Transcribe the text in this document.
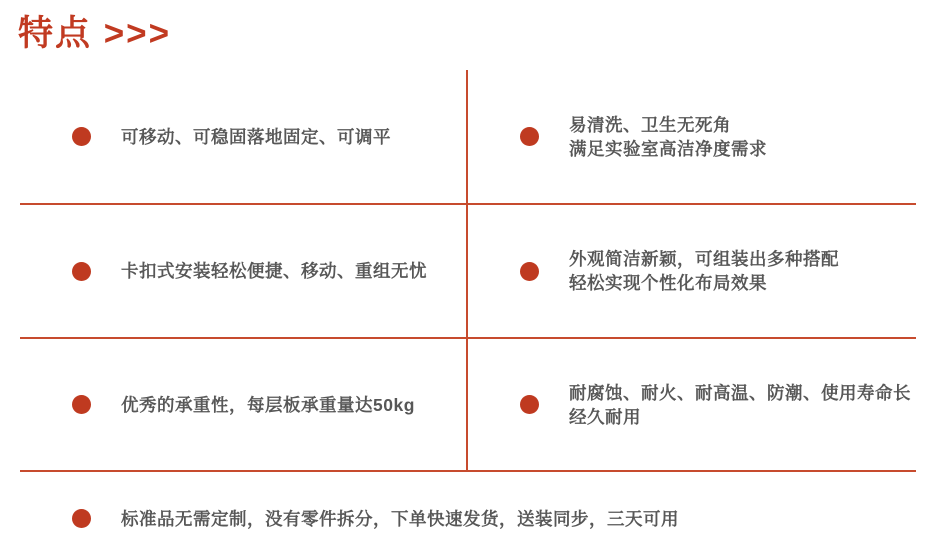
特点 >>>
可移动、可稳固落地固定、可调平
易清洗、卫生无死角
满足实验室高洁净度需求
卡扣式安装轻松便捷、移动、重组无忧
外观简洁新颖，可组装出多种搭配
轻松实现个性化布局效果
优秀的承重性，每层板承重量达50kg
耐腐蚀、耐火、耐高温、防潮、使用寿命长经久耐用
标准品无需定制，没有零件拆分，下单快速发货，送装同步，三天可用
